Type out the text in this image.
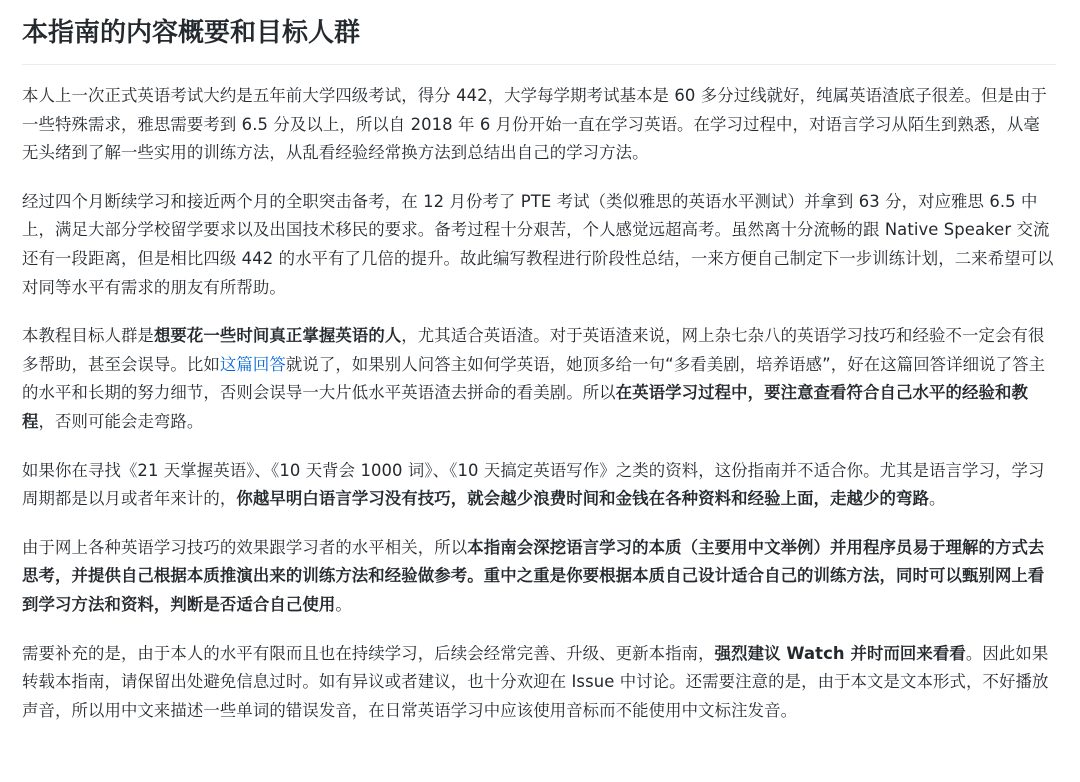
本指南的内容概要和目标人群

本人上一次正式英语考试大约是五年前大学四级考试，得分 442，大学每学期考试基本是 60 多分过线就好，纯属英语渣底子很差。但是由于一些特殊需求，雅思需要考到 6.5 分及以上，所以自 2018 年 6 月份开始一直在学习英语。在学习过程中，对语言学习从陌生到熟悉，从毫无头绪到了解一些实用的训练方法，从乱看经验经常换方法到总结出自己的学习方法。

经过四个月断续学习和接近两个月的全职突击备考，在 12 月份考了 PTE 考试（类似雅思的英语水平测试）并拿到 63 分，对应雅思 6.5 中上，满足大部分学校留学要求以及出国技术移民的要求。备考过程十分艰苦，个人感觉远超高考。虽然离十分流畅的跟 Native Speaker 交流还有一段距离，但是相比四级 442 的水平有了几倍的提升。故此编写教程进行阶段性总结，一来方便自己制定下一步训练计划，二来希望可以对同等水平有需求的朋友有所帮助。

本教程目标人群是想要花一些时间真正掌握英语的人，尤其适合英语渣。对于英语渣来说，网上杂七杂八的英语学习技巧和经验不一定会有很多帮助，甚至会误导。比如这篇回答就说了，如果别人问答主如何学英语，她顶多给一句“多看美剧，培养语感”，好在这篇回答详细说了答主的水平和长期的努力细节，否则会误导一大片低水平英语渣去拼命的看美剧。所以在英语学习过程中，要注意查看符合自己水平的经验和教程，否则可能会走弯路。

如果你在寻找《21 天掌握英语》、《10 天背会 1000 词》、《10 天搞定英语写作》之类的资料，这份指南并不适合你。尤其是语言学习，学习周期都是以月或者年来计的，你越早明白语言学习没有技巧，就会越少浪费时间和金钱在各种资料和经验上面，走越少的弯路。

由于网上各种英语学习技巧的效果跟学习者的水平相关，所以本指南会深挖语言学习的本质（主要用中文举例）并用程序员易于理解的方式去思考，并提供自己根据本质推演出来的训练方法和经验做参考。重中之重是你要根据本质自己设计适合自己的训练方法，同时可以甄别网上看到学习方法和资料，判断是否适合自己使用。

需要补充的是，由于本人的水平有限而且也在持续学习，后续会经常完善、升级、更新本指南，强烈建议 Watch 并时而回来看看。因此如果转载本指南，请保留出处避免信息过时。如有异议或者建议，也十分欢迎在 Issue 中讨论。还需要注意的是，由于本文是文本形式，不好播放声音，所以用中文来描述一些单词的错误发音，在日常英语学习中应该使用音标而不能使用中文标注发音。
